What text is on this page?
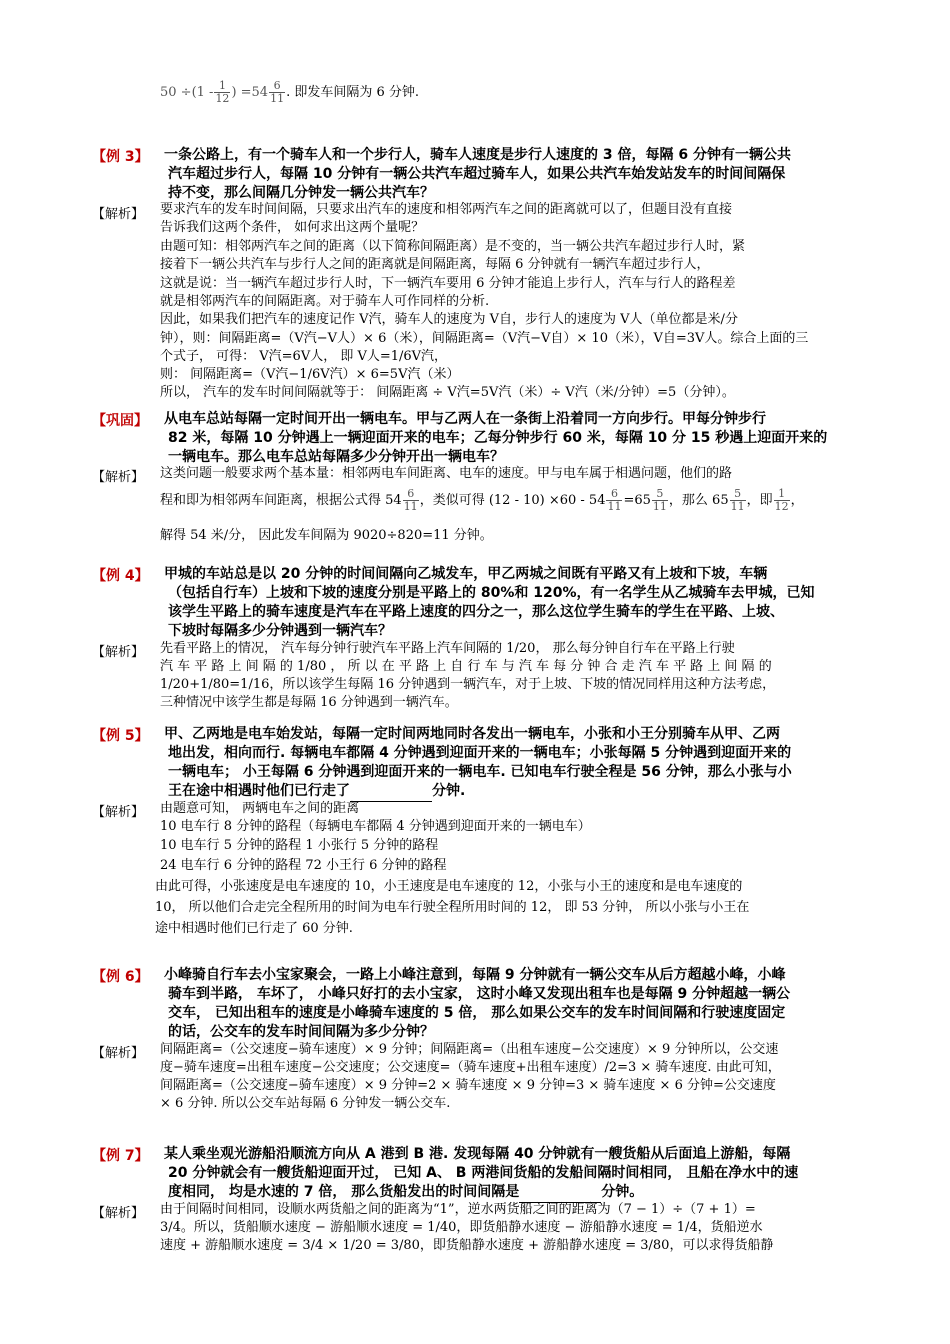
$50 \div(1 - \frac{1}{12}$ ) $=54 \frac{6}{11}$ . 即发车间隔为 6 分钟.
【例 3】 一条公路上，有一个骑车人和一个步行人，骑车人速度是步行人速度的 3 倍，每隔 6 分钟有一辆公共
汽车超过步行人，每隔 10 分钟有一辆公共汽车超过骑车人，如果公共汽车始发站发车的时间间隔保
持不变，那么间隔几分钟发一辆公共汽车？
【解析】 要求汽车的发车时间间隔，只要求出汽车的速度和相邻两汽车之间的距离就可以了，但题目没有直接
告诉我们这两个条件， 如何求出这两个量呢？
由题可知：相邻两汽车之间的距离（以下简称间隔距离）是不变的，当一辆公共汽车超过步行人时，紧
接着下一辆公共汽车与步行人之间的距离就是间隔距离，每隔 6 分钟就有一辆汽车超过步行人，
这就是说：当一辆汽车超过步行人时，下一辆汽车要用 6 分钟才能追上步行人，汽车与行人的路程差
就是相邻两汽车的间隔距离。对于骑车人可作同样的分析.
因此，如果我们把汽车的速度记作 V汽，骑车人的速度为 V自，步行人的速度为 V人（单位都是米/分
钟），则：间隔距离=（V汽−V人）× 6（米），间隔距离=（V汽−V自）× 10（米），V自=3V人。综合上面的三
个式子， 可得： V汽=6V人， 即 V人=1/6V汽，
则： 间隔距离=（V汽−1/6V汽）× 6=5V汽（米）
所以， 汽车的发车时间间隔就等于： 间隔距离 ÷ V汽=5V汽（米）÷ V汽（米/分钟）=5（分钟）。
【巩固】 从电车总站每隔一定时间开出一辆电车。甲与乙两人在一条街上沿着同一方向步行。甲每分钟步行
82 米，每隔 10 分钟遇上一辆迎面开来的电车；乙每分钟步行 60 米，每隔 10 分 15 秒遇上迎面开来的
一辆电车。那么电车总站每隔多少分钟开出一辆电车？
【解析】 这类问题一般要求两个基本量：相邻两电车间距离、电车的速度。甲与电车属于相遇问题，他们的路
程和即为相邻两车间距离，根据公式得 $54 \frac{6}{11}$ ，类似可得 $(12 - 10) \times 60 - 54 \frac{6}{11} =65 \frac{5}{11}$ ，那么 $65 \frac{5}{11}$ ，即 $\frac{1}{12}$ ，
解得 54 米/分， 因此发车间隔为 9020÷820=11 分钟。
【例 4】 甲城的车站总是以 20 分钟的时间间隔向乙城发车，甲乙两城之间既有平路又有上坡和下坡，车辆
（包括自行车）上坡和下坡的速度分别是平路上的 80%和 120%，有一名学生从乙城骑车去甲城，已知
该学生平路上的骑车速度是汽车在平路上速度的四分之一，那么这位学生骑车的学生在平路、上坡、
下坡时每隔多少分钟遇到一辆汽车？
【解析】 先看平路上的情况， 汽车每分钟行驶汽车平路上汽车间隔的 1/20， 那么每分钟自行车在平路上行驶
汽 车 平 路 上 间 隔 的 1/80 ， 所 以 在 平 路 上 自 行 车 与 汽 车 每 分 钟 合 走 汽 车 平 路 上 间 隔 的
1/20+1/80=1/16，所以该学生每隔 16 分钟遇到一辆汽车，对于上坡、下坡的情况同样用这种方法考虑，
三种情况中该学生都是每隔 16 分钟遇到一辆汽车。
【例 5】 甲、乙两地是电车始发站，每隔一定时间两地同时各发出一辆电车，小张和小王分别骑车从甲、乙两
地出发，相向而行. 每辆电车都隔 4 分钟遇到迎面开来的一辆电车；小张每隔 5 分钟遇到迎面开来的
一辆电车； 小王每隔 6 分钟遇到迎面开来的一辆电车. 已知电车行驶全程是 56 分钟，那么小张与小
王在途中相遇时他们已行走了	分钟.
【解析】 由题意可知， 两辆电车之间的距离
10 电车行 8 分钟的路程（每辆电车都隔 4 分钟遇到迎面开来的一辆电车）
10 电车行 5 分钟的路程 1 小张行 5 分钟的路程
24 电车行 6 分钟的路程 72 小王行 6 分钟的路程
由此可得，小张速度是电车速度的 10，小王速度是电车速度的 12，小张与小王的速度和是电车速度的
10， 所以他们合走完全程所用的时间为电车行驶全程所用时间的 12， 即 53 分钟， 所以小张与小王在
途中相遇时他们已行走了 60 分钟.
【例 6】 小峰骑自行车去小宝家聚会，一路上小峰注意到，每隔 9 分钟就有一辆公交车从后方超越小峰，小峰
骑车到半路， 车坏了， 小峰只好打的去小宝家， 这时小峰又发现出租车也是每隔 9 分钟超越一辆公
交车， 已知出租车的速度是小峰骑车速度的 5 倍， 那么如果公交车的发车时间间隔和行驶速度固定
的话，公交车的发车时间间隔为多少分钟？
【解析】 间隔距离=（公交速度−骑车速度）× 9 分钟；间隔距离=（出租车速度−公交速度）× 9 分钟所以，公交速
度−骑车速度=出租车速度−公交速度；公交速度=（骑车速度+出租车速度）/2=3 × 骑车速度. 由此可知，
间隔距离=（公交速度−骑车速度）× 9 分钟=2 × 骑车速度 × 9 分钟=3 × 骑车速度 × 6 分钟=公交速度
× 6 分钟. 所以公交车站每隔 6 分钟发一辆公交车.
【例 7】 某人乘坐观光游船沿顺流方向从 A 港到 B 港. 发现每隔 40 分钟就有一艘货船从后面追上游船，每隔
20 分钟就会有一艘货船迎面开过， 已知 A、 B 两港间货船的发船间隔时间相同， 且船在净水中的速
度相同， 均是水速的 7 倍， 那么货船发出的时间间隔是	分钟。
【解析】 由于间隔时间相同，设顺水两货船之间的距离为“1”，逆水两货船之间的距离为（7 − 1）÷（7 + 1）=
3/4。所以，货船顺水速度 − 游船顺水速度 = 1/40，即货船静水速度 − 游船静水速度 = 1/4，货船逆水
速度 + 游船顺水速度 = 3/4 × 1/20 = 3/80，即货船静水速度 + 游船静水速度 = 3/80，可以求得货船静
